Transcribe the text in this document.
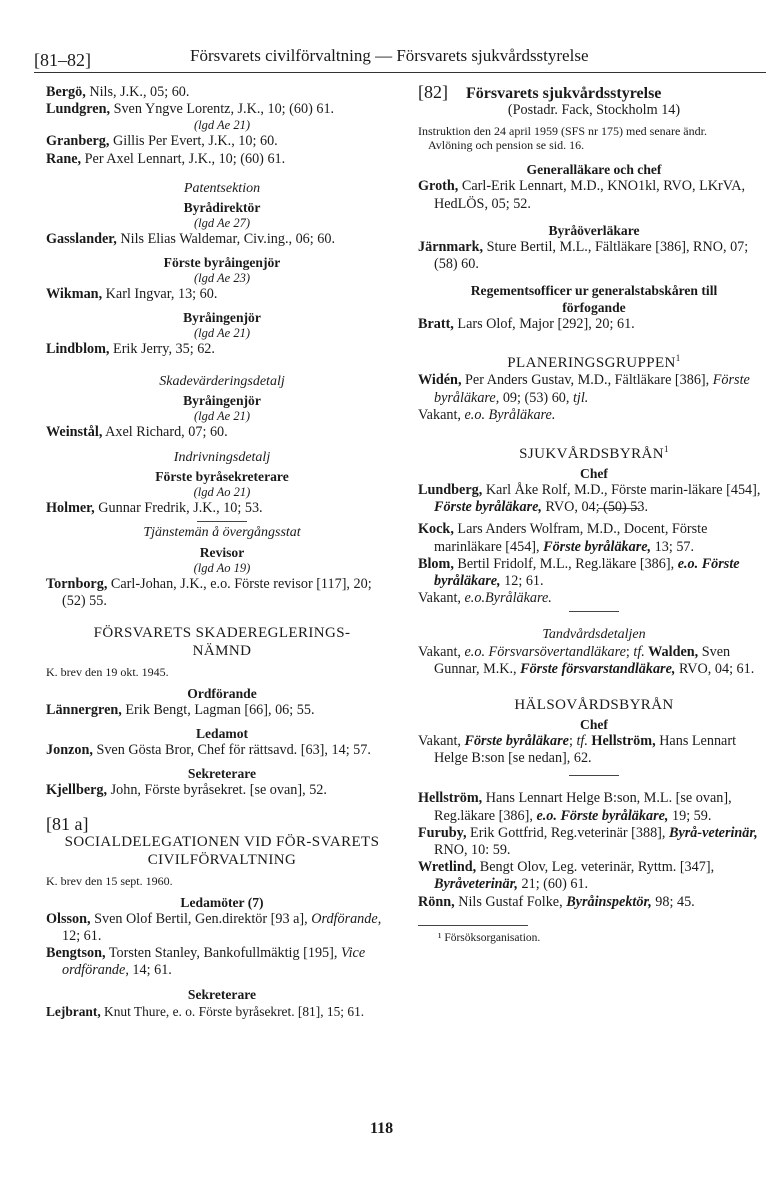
[81–82]	Försvarets civilförvaltning — Försvarets sjukvårdsstyrelse

Bergö, Nils, J.K., 05; 60.

Lundgren, Sven Yngve Lorentz, J.K., 10; (60) 61.

(lgd Ae 21)

Granberg, Gillis Per Evert, J.K., 10; 60.

Rane, Per Axel Lennart, J.K., 10; (60) 61.

Patentsektion
Byrådirektör
(lgd Ae 27)

Gasslander, Nils Elias Waldemar, Civ.ing., 06; 60.

Förste byråingenjör
(lgd Ae 23)

Wikman, Karl Ingvar, 13; 60.

Byråingenjör
(lgd Ae 21)

Lindblom, Erik Jerry, 35; 62.

Skadevärderingsdetalj
Byråingenjör
(lgd Ae 21)

Weinstål, Axel Richard, 07; 60.

Indrivningsdetalj
Förste byråsekreterare
(lgd Ao 21)

Holmer, Gunnar Fredrik, J.K., 10; 53.

Tjänstemän å övergångsstat
Revisor
(lgd Ao 19)

Tornborg, Carl-Johan, J.K., e.o. Förste revisor [117], 20; (52) 55.

FÖRSVARETS SKADEREGLERINGS-NÄMND
K. brev den 19 okt. 1945.
Ordförande

Lännergren, Erik Bengt, Lagman [66], 06; 55.

Ledamot

Jonzon, Sven Gösta Bror, Chef för rättsavd. [63], 14; 57.

Sekreterare

Kjellberg, John, Förste byråsekret. [se ovan], 52.

[81 a]
SOCIALDELEGATIONEN VID FÖR-SVARETS CIVILFÖRVALTNING
K. brev den 15 sept. 1960.
Ledamöter (7)

Olsson, Sven Olof Bertil, Gen.direktör [93 a], Ordförande, 12; 61.

Bengtson, Torsten Stanley, Bankofullmäktig [195], Vice ordförande, 14; 61.

Sekreterare

Lejbrant, Knut Thure, e. o. Förste byråsekret. [81], 15; 61.

[82] Försvarets sjukvårdsstyrelse
(Postadr. Fack, Stockholm 14)
Instruktion den 24 april 1959 (SFS nr 175) med senare ändr.
Avlöning och pension se sid. 16.
Generalläkare och chef

Groth, Carl-Erik Lennart, M.D., KNO1kl, RVO, LKrVA, HedLÖS, 05; 52.

Byråöverläkare

Järnmark, Sture Bertil, M.L., Fältläkare [386], RNO, 07; (58) 60.

Regementsofficer ur generalstabskåren till förfogande

Bratt, Lars Olof, Major [292], 20; 61.

PLANERINGSGRUPPEN$^1$

Widén, Per Anders Gustav, M.D., Fältläkare [386], Förste byråläkare, 09; (53) 60, tjl.

Vakant, e.o. Byråläkare.

SJUKVÅRDSBYRÅN$^1$
Chef

Lundberg, Karl Åke Rolf, M.D., Förste marin-läkare [454], Förste byråläkare, RVO, 04; (50) 53.

Kock, Lars Anders Wolfram, M.D., Docent, Förste marinläkare [454], Förste byråläkare, 13; 57.

Blom, Bertil Fridolf, M.L., Reg.läkare [386], e.o. Förste byråläkare, 12; 61.

Vakant, e.o.Byråläkare.

Tandvårdsdetaljen

Vakant, e.o. Försvarsövertandläkare; tf. Walden, Sven Gunnar, M.K., Förste försvarstandläkare, RVO, 04; 61.

HÄLSOVÅRDSBYRÅN
Chef

Vakant, Förste byråläkare; tf. Hellström, Hans Lennart Helge B:son [se nedan], 62.

Hellström, Hans Lennart Helge B:son, M.L. [se ovan], Reg.läkare [386], e.o. Förste byråläkare, 19; 59.

Furuby, Erik Gottfrid, Reg.veterinär [388], Byrå-veterinär, RNO, 10: 59.

Wretlind, Bengt Olov, Leg. veterinär, Ryttm. [347], Byråveterinär, 21; (60) 61.

Rönn, Nils Gustaf Folke, Byråinspektör, 98; 45.

¹ Försöksorganisation.
118
